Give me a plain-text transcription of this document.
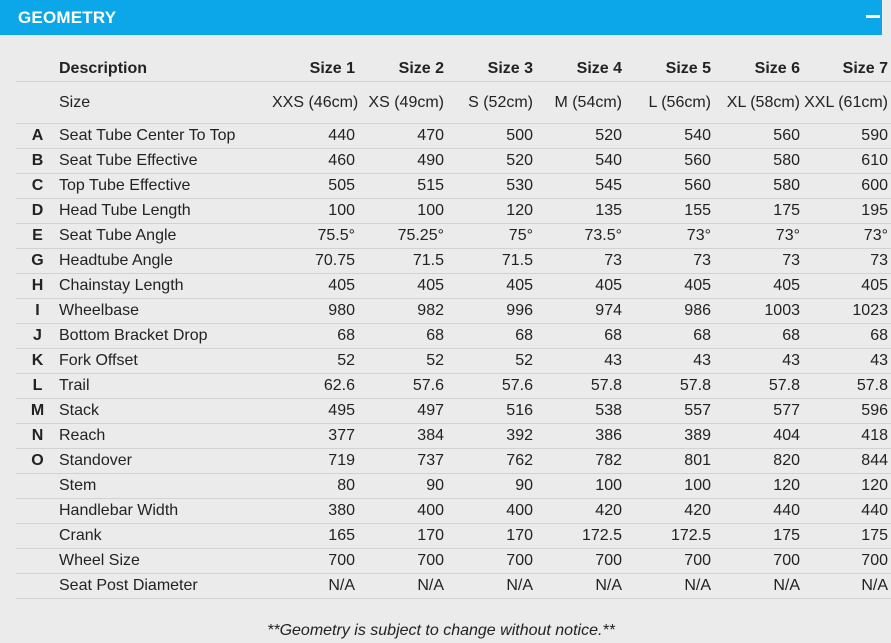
GEOMETRY
	Description	Size 1	Size 2	Size 3	Size 4	Size 5	Size 6	Size 7
	Size	XXS (46cm)	XS (49cm)	S (52cm)	M (54cm)	L (56cm)	XL (58cm)	XXL (61cm)
A	Seat Tube Center To Top	440	470	500	520	540	560	590
B	Seat Tube Effective	460	490	520	540	560	580	610
C	Top Tube Effective	505	515	530	545	560	580	600
D	Head Tube Length	100	100	120	135	155	175	195
E	Seat Tube Angle	75.5°	75.25°	75°	73.5°	73°	73°	73°
G	Headtube Angle	70.75	71.5	71.5	73	73	73	73
H	Chainstay Length	405	405	405	405	405	405	405
I	Wheelbase	980	982	996	974	986	1003	1023
J	Bottom Bracket Drop	68	68	68	68	68	68	68
K	Fork Offset	52	52	52	43	43	43	43
L	Trail	62.6	57.6	57.6	57.8	57.8	57.8	57.8
M	Stack	495	497	516	538	557	577	596
N	Reach	377	384	392	386	389	404	418
O	Standover	719	737	762	782	801	820	844
	Stem	80	90	90	100	100	120	120
	Handlebar Width	380	400	400	420	420	440	440
	Crank	165	170	170	172.5	172.5	175	175
	Wheel Size	700	700	700	700	700	700	700
	Seat Post Diameter	N/A	N/A	N/A	N/A	N/A	N/A	N/A
**Geometry is subject to change without notice.**
